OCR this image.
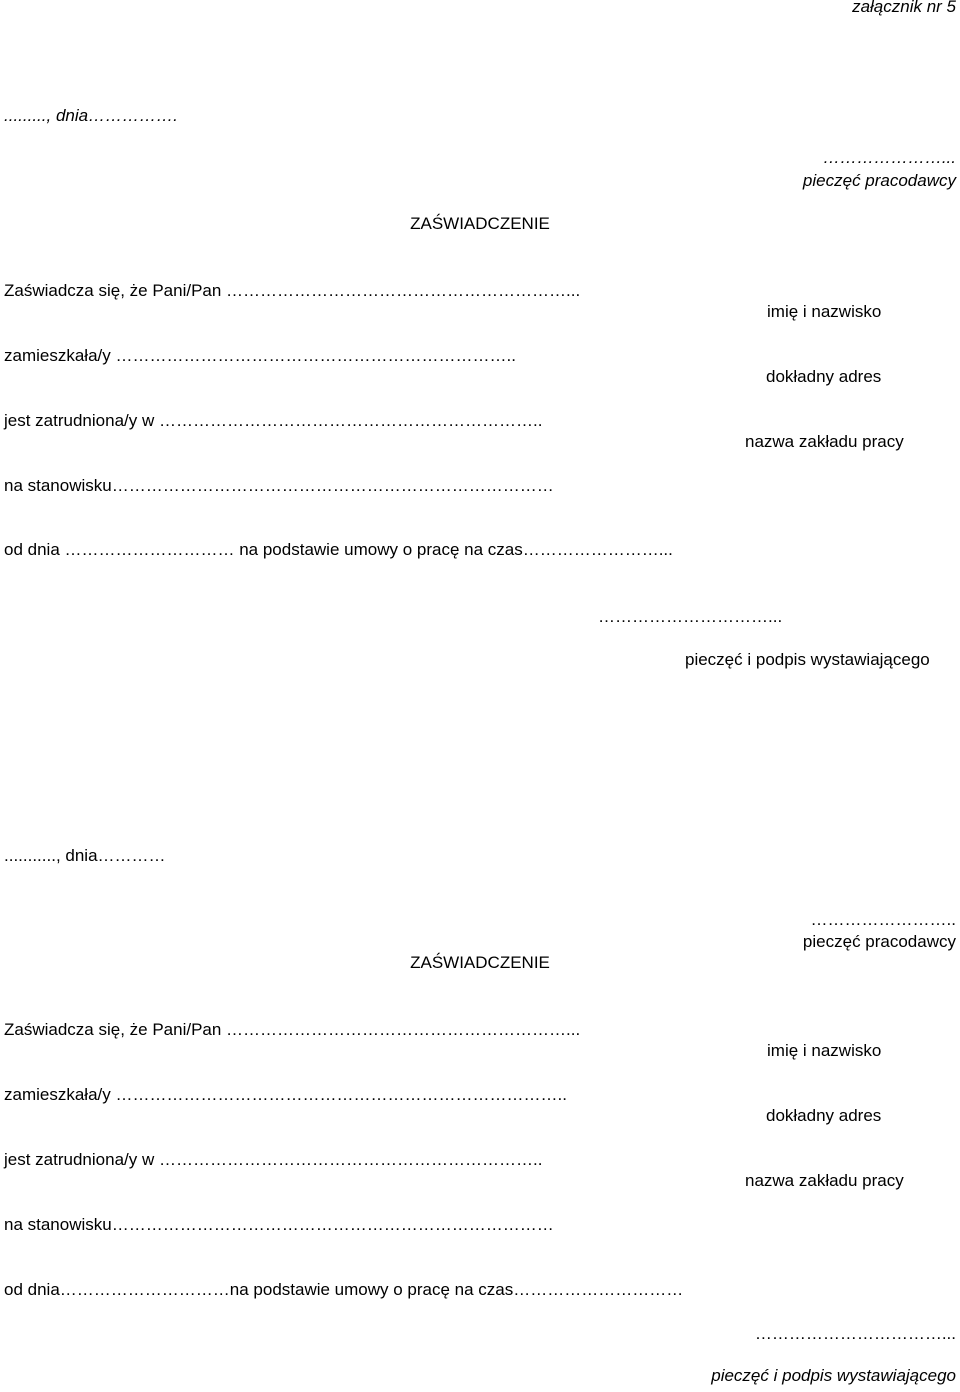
załącznik nr 5
........., dnia…………….
…………………...
pieczęć pracodawcy
ZAŚWIADCZENIE
Zaświadcza się, że Pani/Pan ……………………………………………………...
imię i nazwisko
zamieszkała/y ……………………………………………………………..
dokładny adres
jest zatrudniona/y w …………………………………………………………..
nazwa zakładu pracy
na stanowisku……………………………………………………………………
od dnia ………………………… na podstawie umowy o pracę na czas……………………...
…………………………...
pieczęć i podpis wystawiającego
..........., dnia…………
……………………..
pieczęć pracodawcy
ZAŚWIADCZENIE
Zaświadcza się, że Pani/Pan ……………………………………………………...
imię i nazwisko
zamieszkała/y ……………………………………………………………………..
dokładny adres
jest zatrudniona/y w …………………………………………………………..
nazwa zakładu pracy
na stanowisku……………………………………………………………………
od dnia…………………………na podstawie umowy o pracę na czas…………………………
……………………………...
pieczęć i podpis wystawiającego
